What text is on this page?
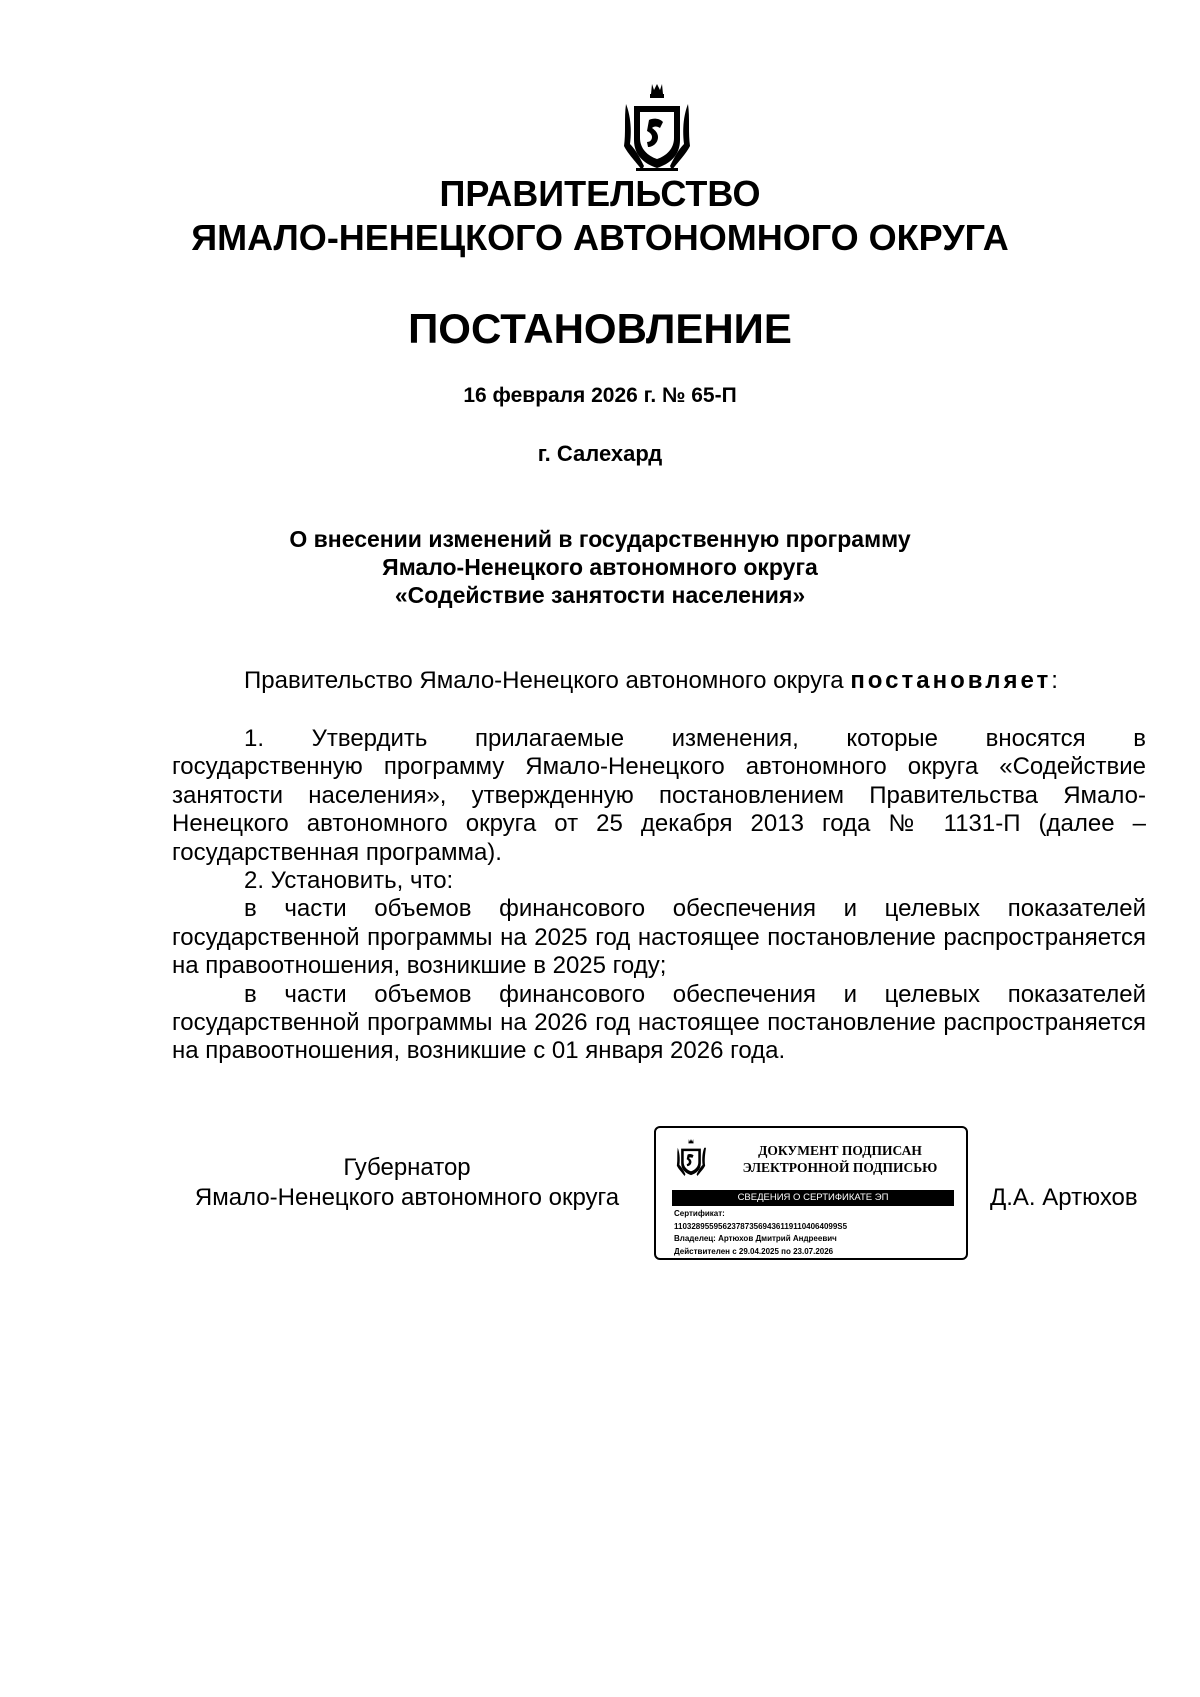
ПРАВИТЕЛЬСТВО
ЯМАЛО-НЕНЕЦКОГО АВТОНОМНОГО ОКРУГА
ПОСТАНОВЛЕНИЕ
16 февраля 2026 г. № 65-П
г. Салехард
О внесении изменений в государственную программу
Ямало-Ненецкого автономного округа
«Содействие занятости населения»

Правительство Ямало-Ненецкого автономного округа постановляет:

1. Утвердить прилагаемые изменения, которые вносятся в

государственную программу Ямало-Ненецкого автономного округа «Содействие занятости населения», утвержденную постановлением Правительства Ямало-Ненецкого автономного округа от 25 декабря 2013 года № 1131-П (далее – государственная программа).

2. Установить, что:

в части объемов финансового обеспечения и целевых показателей государственной программы на 2025 год настоящее постановление распространяется на правоотношения, возникшие в 2025 году;

в части объемов финансового обеспечения и целевых показателей государственной программы на 2026 год настоящее постановление распространяется на правоотношения, возникшие с 01 января 2026 года.

Губернатор
Ямало-Ненецкого автономного округа
ДОКУМЕНТ ПОДПИСАН
ЭЛЕКТРОННОЙ ПОДПИСЬЮ
СВЕДЕНИЯ О СЕРТИФИКАТЕ ЭП
Сертификат:
1103289559562378735694361191104064099S5
Владелец: Артюхов Дмитрий Андреевич
Действителен с 29.04.2025 по 23.07.2026
Д.А. Артюхов
